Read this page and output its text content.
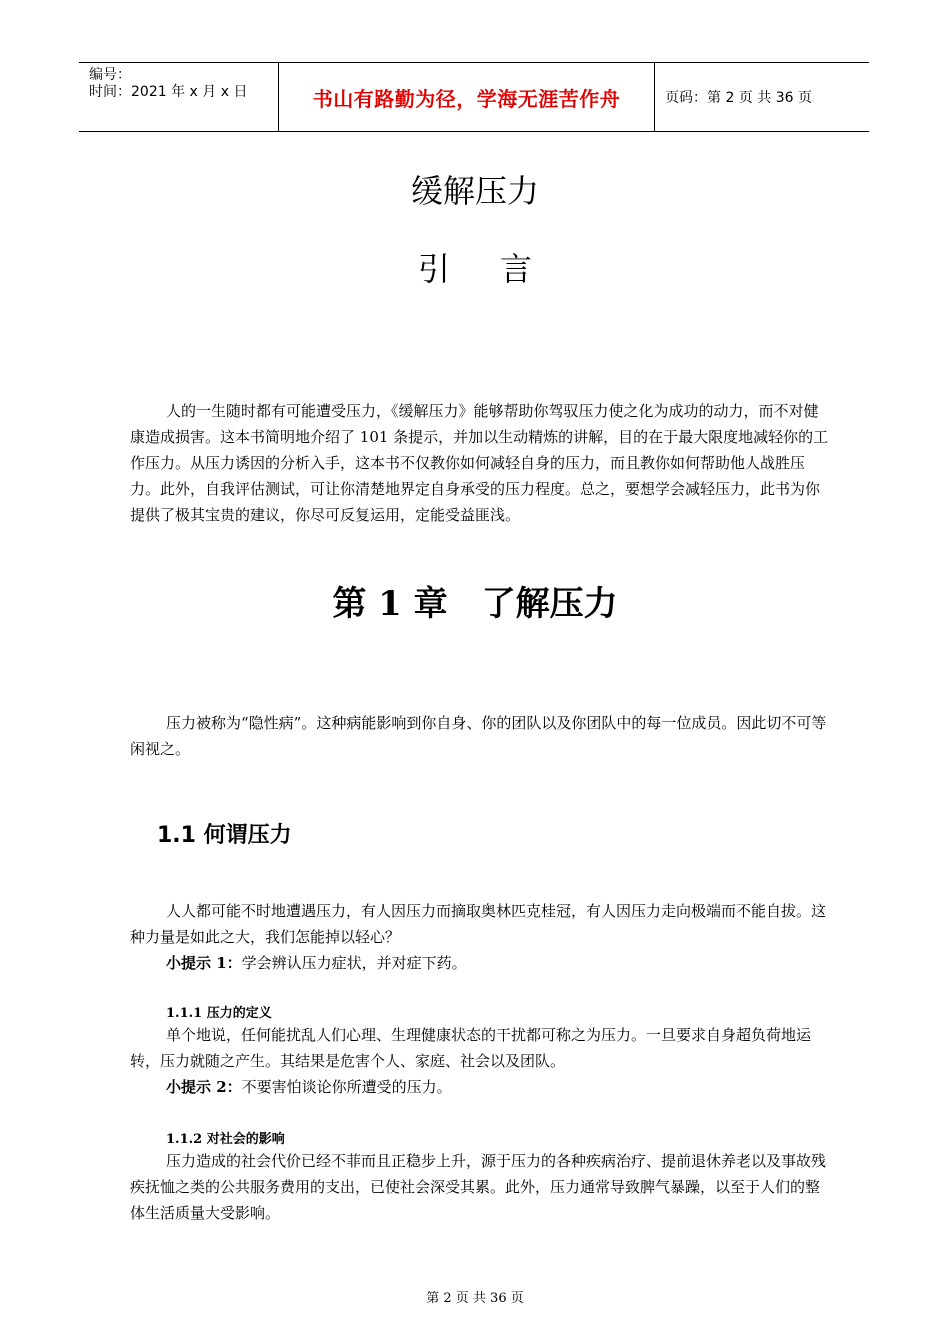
编号：
时间：2021 年 x 月 x 日	书山有路勤为径，学海无涯苦作舟	页码：第 2 页 共 36 页
缓解压力
引言

人的一生随时都有可能遭受压力，《缓解压力》能够帮助你驾驭压力使之化为成功的动力，而不对健康造成损害。这本书简明地介绍了 101 条提示，并加以生动精炼的讲解，目的在于最大限度地减轻你的工作压力。从压力诱因的分析入手，这本书不仅教你如何减轻自身的压力，而且教你如何帮助他人战胜压力。此外，自我评估测试，可让你清楚地界定自身承受的压力程度。总之，要想学会减轻压力，此书为你提供了极其宝贵的建议，你尽可反复运用，定能受益匪浅。

第 1 章　了解压力

压力被称为“隐性病”。这种病能影响到你自身、你的团队以及你团队中的每一位成员。因此切不可等闲视之。

1.1 何谓压力

人人都可能不时地遭遇压力，有人因压力而摘取奥林匹克桂冠，有人因压力走向极端而不能自拔。这种力量是如此之大，我们怎能掉以轻心？

小提示 1：学会辨认压力症状，并对症下药。

1.1.1 压力的定义

单个地说，任何能扰乱人们心理、生理健康状态的干扰都可称之为压力。一旦要求自身超负荷地运转，压力就随之产生。其结果是危害个人、家庭、社会以及团队。

小提示 2：不要害怕谈论你所遭受的压力。

1.1.2 对社会的影响

压力造成的社会代价已经不菲而且正稳步上升，源于压力的各种疾病治疗、提前退休养老以及事故残疾抚恤之类的公共服务费用的支出，已使社会深受其累。此外，压力通常导致脾气暴躁，以至于人们的整体生活质量大受影响。

第 2 页 共 36 页
